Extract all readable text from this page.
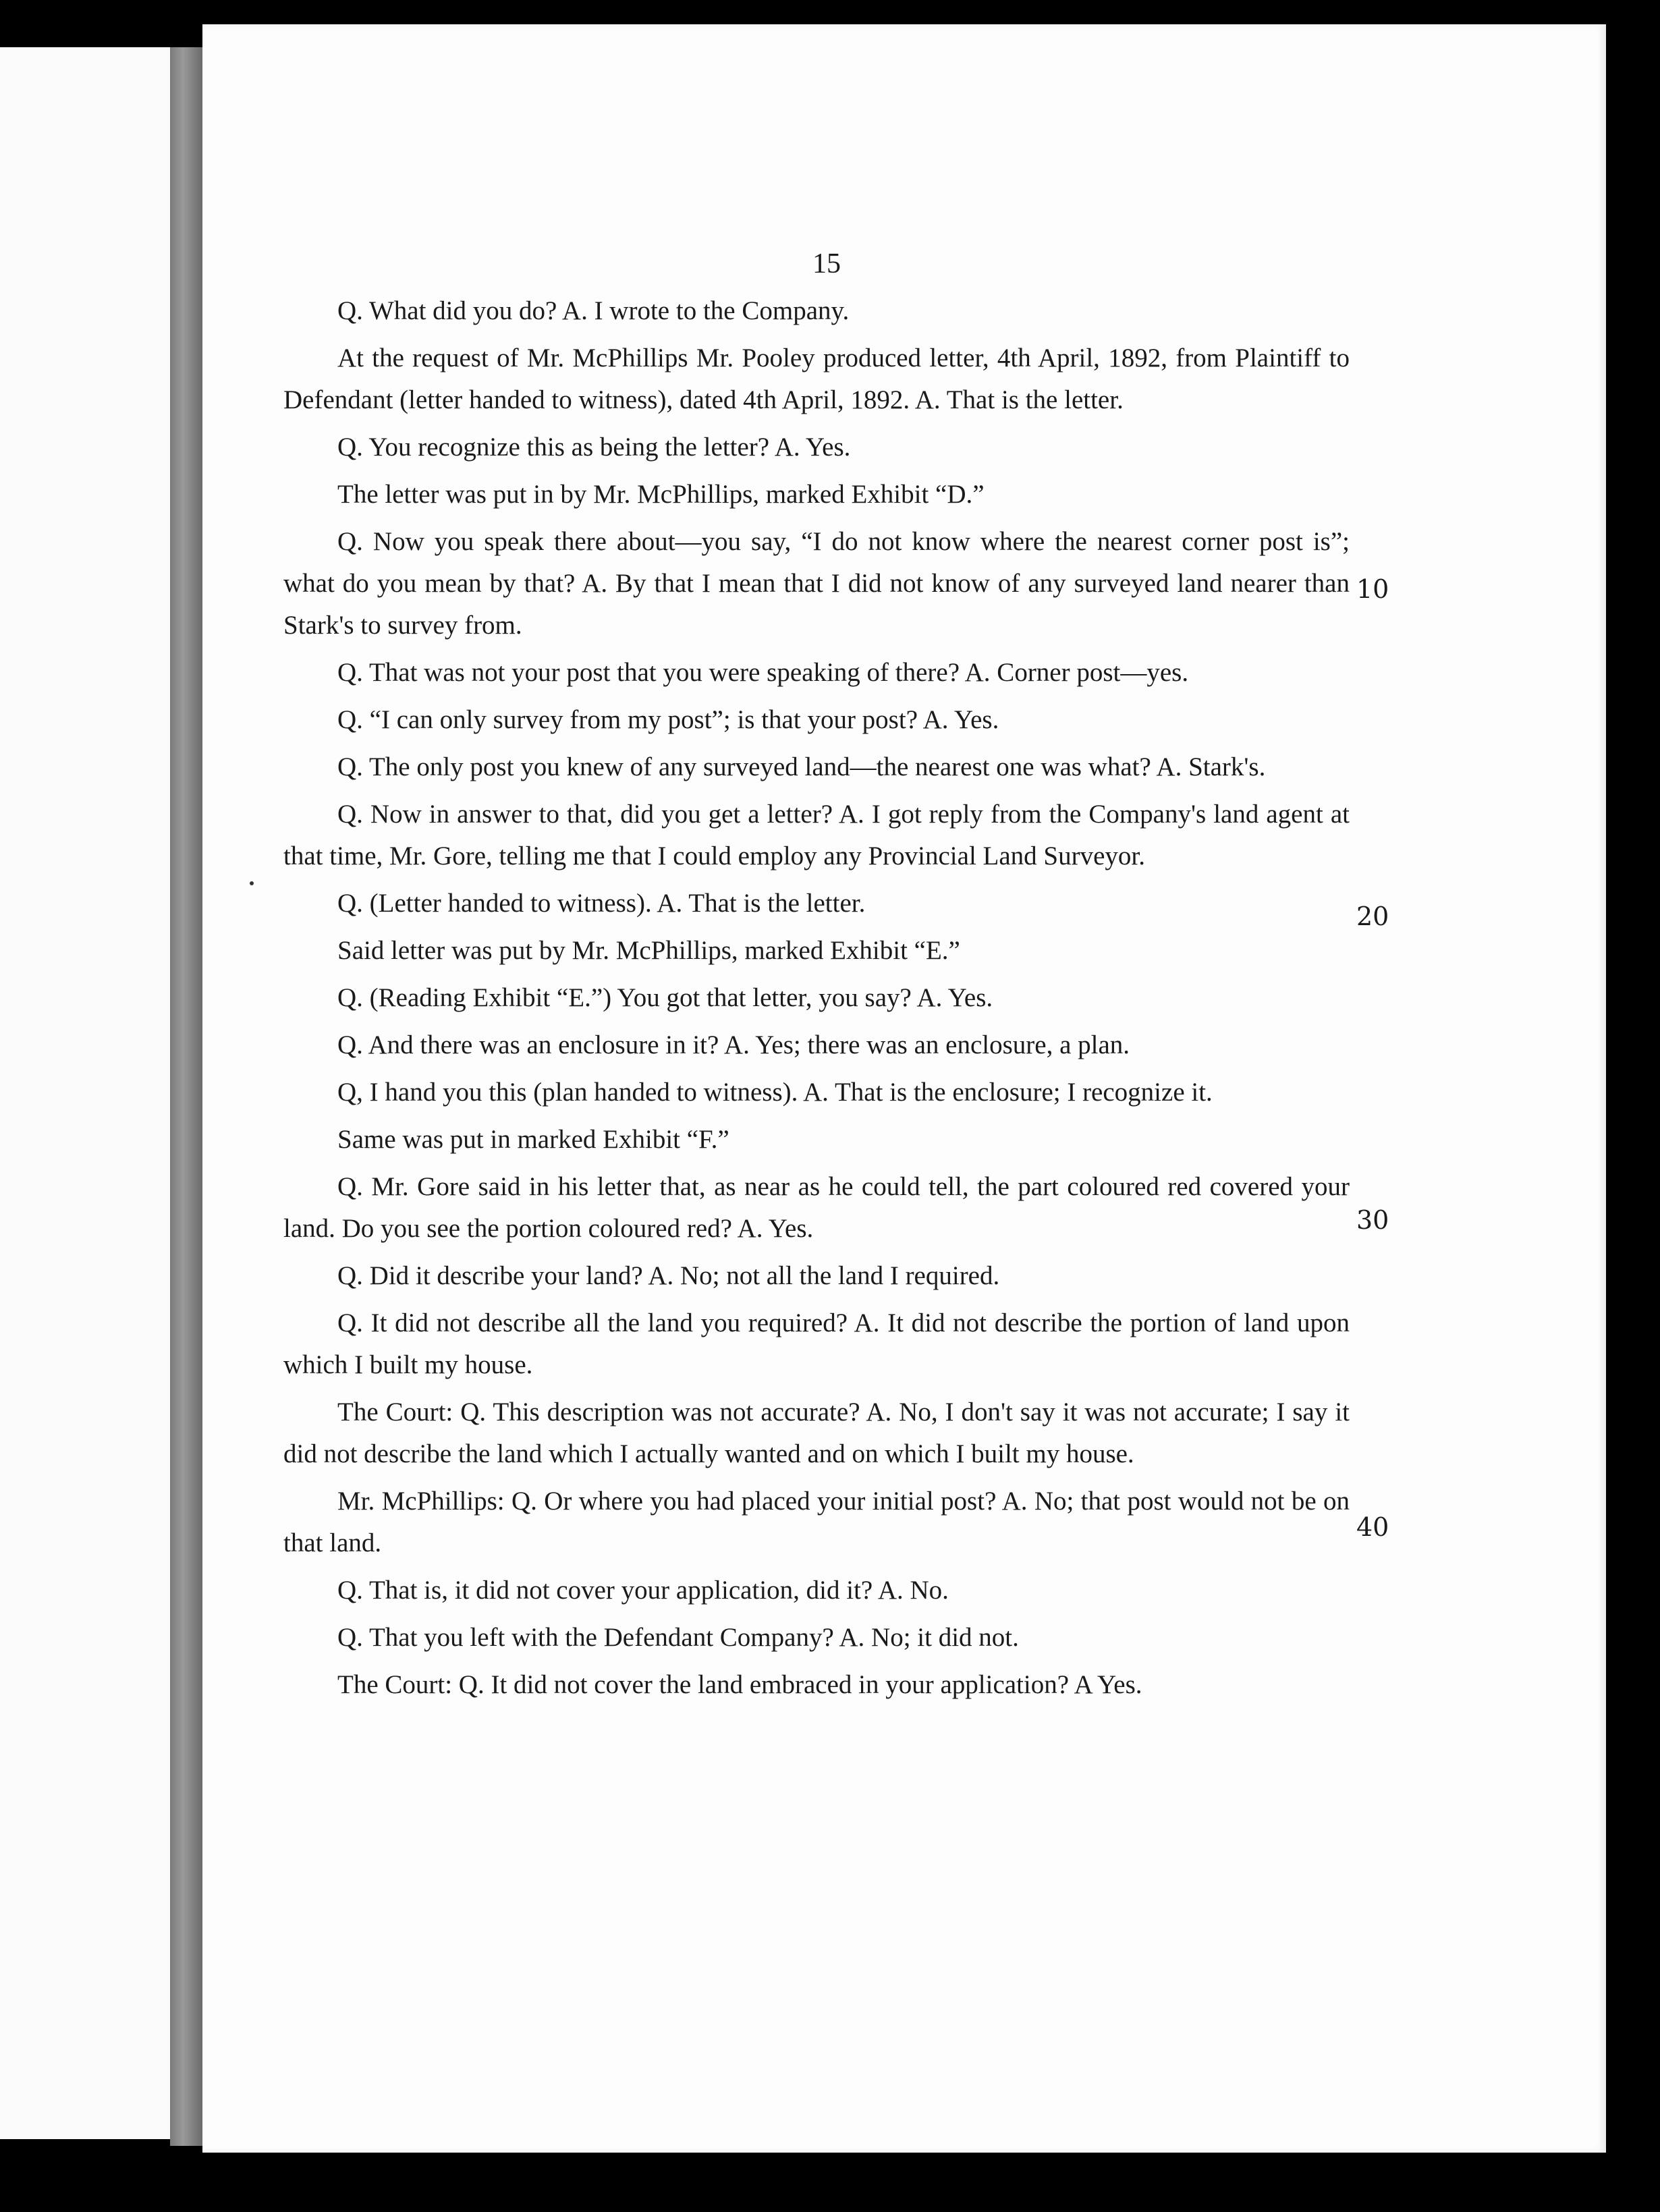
15

Q. What did you do? A. I wrote to the Company.

At the request of Mr. McPhillips Mr. Pooley produced letter, 4th April, 1892, from Plaintiff to Defendant (letter handed to witness), dated 4th April, 1892. A. That is the letter.

Q. You recognize this as being the letter? A. Yes.

The letter was put in by Mr. McPhillips, marked Exhibit “D.”

Q. Now you speak there about—you say, “I do not know where the nearest corner post is”; what do you mean by that? A. By that I mean that I did not know of any surveyed land nearer than Stark's to survey from.

Q. That was not your post that you were speaking of there? A. Corner post—yes.

Q. “I can only survey from my post”; is that your post? A. Yes.

Q. The only post you knew of any surveyed land—the nearest one was what? A. Stark's.

Q. Now in answer to that, did you get a letter? A. I got reply from the Company's land agent at that time, Mr. Gore, telling me that I could employ any Provincial Land Surveyor.

Q. (Letter handed to witness). A. That is the letter.

Said letter was put by Mr. McPhillips, marked Exhibit “E.”

Q. (Reading Exhibit “E.”) You got that letter, you say? A. Yes.

Q. And there was an enclosure in it? A. Yes; there was an enclosure, a plan.

Q, I hand you this (plan handed to witness). A. That is the enclosure; I recognize it.

Same was put in marked Exhibit “F.”

Q. Mr. Gore said in his letter that, as near as he could tell, the part coloured red covered your land. Do you see the portion coloured red? A. Yes.

Q. Did it describe your land? A. No; not all the land I required.

Q. It did not describe all the land you required? A. It did not describe the portion of land upon which I built my house.

The Court: Q. This description was not accurate? A. No, I don't say it was not accurate; I say it did not describe the land which I actually wanted and on which I built my house.

Mr. McPhillips: Q. Or where you had placed your initial post? A. No; that post would not be on that land.

Q. That is, it did not cover your application, did it? A. No.

Q. That you left with the Defendant Company? A. No; it did not.

The Court: Q. It did not cover the land embraced in your application? A Yes.

10
20
30
40
